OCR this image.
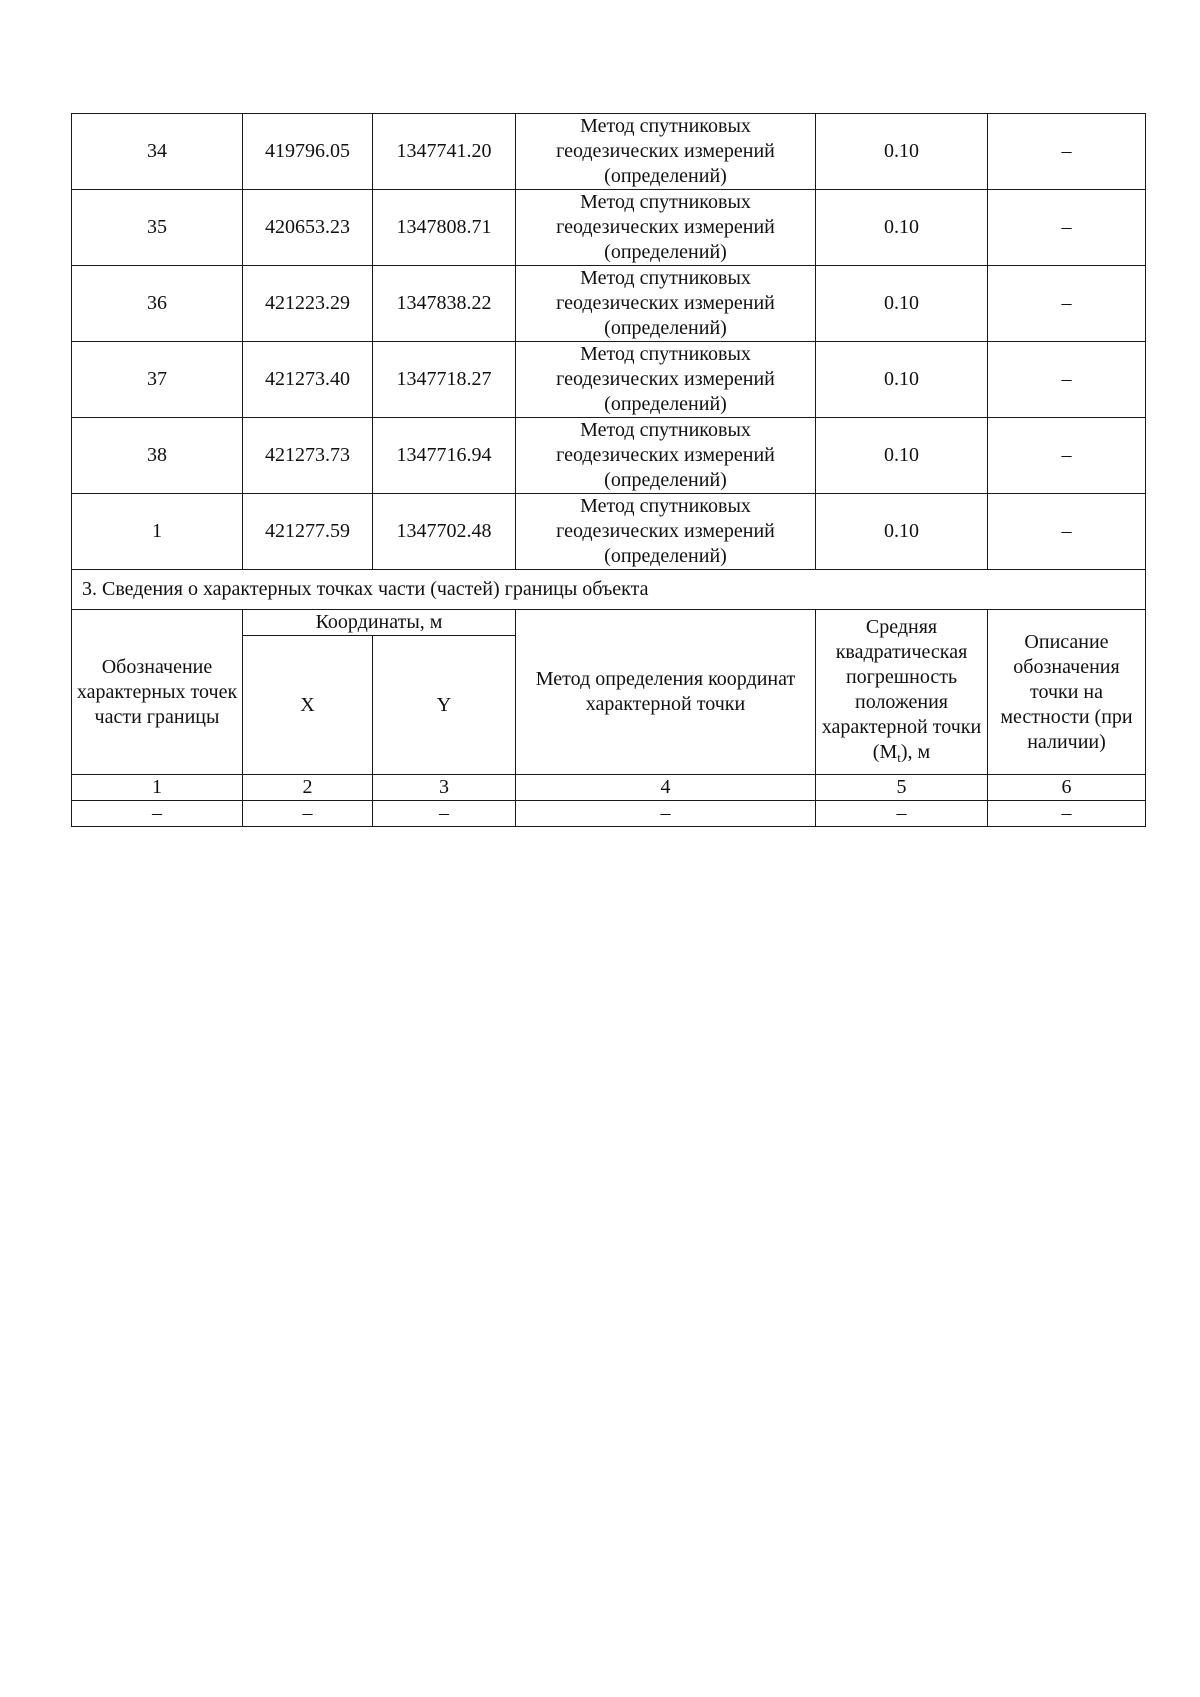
34	419796.05	1347741.20	Метод спутниковых геодезических измерений (определений)	0.10	–
35	420653.23	1347808.71	Метод спутниковых геодезических измерений (определений)	0.10	–
36	421223.29	1347838.22	Метод спутниковых геодезических измерений (определений)	0.10	–
37	421273.40	1347718.27	Метод спутниковых геодезических измерений (определений)	0.10	–
38	421273.73	1347716.94	Метод спутниковых геодезических измерений (определений)	0.10	–
1	421277.59	1347702.48	Метод спутниковых геодезических измерений (определений)	0.10	–
3. Сведения о характерных точках части (частей) границы объекта					
Обозначение характерных точек части границы	Координаты, м		Метод определения координат характерной точки	Средняя квадратическая погрешность положения характерной точки $(M_t)$, м	Описание обозначения точки на местности (при наличии)
	X	Y			
1	2	3	4	5	6
–	–	–	–	–	–
